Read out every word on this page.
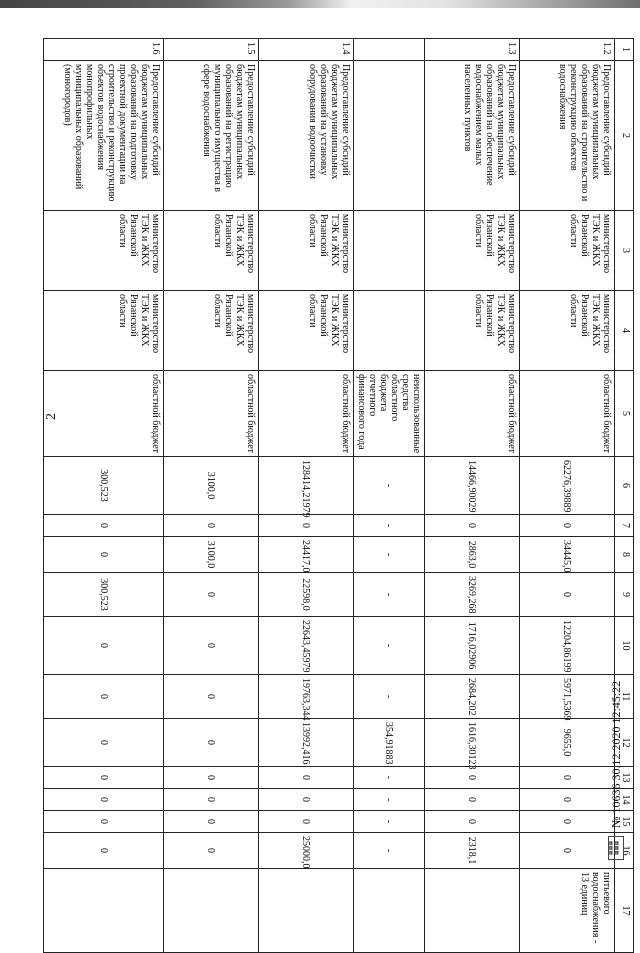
2
1	2	3	4	5	6	7	8	9	10	11	12	13	14	15	16	17
1.2	Предоставление субсидий бюджетам муниципальных образований на строительство и реконструкцию объектов водоснабжения	министерство ТЭК и ЖКХ Рязанской области	министерство ТЭК и ЖКХ Рязанской области	областной бюджет	62276,39889	0	34445,0	0	12204,86199	5971,5369	9655,0	0	0	0	0	питьевого водоснабжения - 13 единиц
1.3	Предоставление субсидий бюджетам муниципальных образований на обеспечение водоснабжением малых населенных пунктов	министерство ТЭК и ЖКХ Рязанской области	министерство ТЭК и ЖКХ Рязанской области	областной бюджет	14466,90029	0	2863,0	3269,268	1716,02906	2684,202	1616,30123	0	0	0	2318,1	
				неиспользованные средства областного бюджета отчетного финансового года	-	-	-	-	-	-	354,91883	-	-	-	-	
1.4	Предоставление субсидий бюджетам муниципальных образований на установку оборудования водоочистки	министерство ТЭК и ЖКХ Рязанской области	министерство ТЭК и ЖКХ Рязанской области	областной бюджет	128414,21979	0	24417,0	22598,0	22643,45979	19763,344	13992,416	0	0	0	25000,0	
1.5	Предоставление субсидий бюджетам муниципальных образований на регистрацию муниципального имущества в сфере водоснабжения	министерство ТЭК и ЖКХ Рязанской области	министерство ТЭК и ЖКХ Рязанской области	областной бюджет	3100,0	0	3100,0	0	0	0	0	0	0	0	0	
1.6	Предоставление субсидий бюджетам муниципальных образований на подготовку проектной документации на строительство и реконструкцию объектов водоснабжения монопрофильных муниципальных образований (моногородов)	министерство ТЭК и ЖКХ Рязанской области	министерство ТЭК и ЖКХ Рязанской области	областной бюджет	300,523	0	0	300,523	0	0	0	0	0	0	0		▦▦▦
▦▦▦
№ 10636 30.12.2020 12:45:22
